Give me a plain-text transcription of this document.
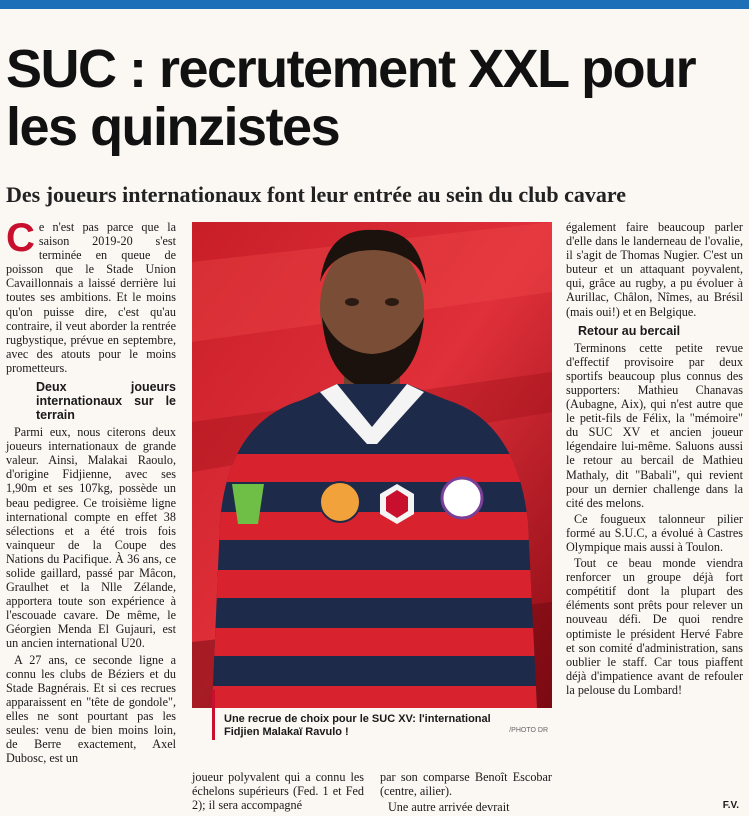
SUC : recrutement XXL pour les quinzistes
Des joueurs internationaux font leur entrée au sein du club cavare
C e n'est pas parce que la saison 2019-20 s'est terminée en queue de poisson que le Stade Union Cavaillonnais a laissé derrière lui toutes ses ambitions. Et le moins qu'on puisse dire, c'est qu'au contraire, il veut aborder la rentrée rugbystique, prévue en septembre, avec des atouts pour le moins prometteurs.

Deux joueurs internationaux sur le terrain

Parmi eux, nous citerons deux joueurs internationaux de grande valeur. Ainsi, Malakai Raoulo, d'origine Fidjienne, avec ses 1,90m et ses 107kg, possède un beau pedigree. Ce troisième ligne international compte en effet 38 sélections et a été trois fois vainqueur de la Coupe des Nations du Pacifique. À 36 ans, ce solide gaillard, passé par Mâcon, Graulhet et la Nlle Zélande, apportera toute son expérience à l'escouade cavare. De même, le Géorgien Menda El Gujauri, est un ancien international U20.

A 27 ans, ce seconde ligne a connu les clubs de Béziers et du Stade Bagnérais. Et si ces recrues apparaissent en "tête de gondole", elles ne sont pourtant pas les seules: venu de bien moins loin, de Berre exactement, Axel Dubosc, est un

Une recrue de choix pour le SUC XV: l'international Fidjien Malakaï Ravulo !	/PHOTO DR

joueur polyvalent qui a connu les échelons supérieurs (Fed. 1 et Fed 2); il sera accompagné

par son comparse Benoît Escobar (centre, ailier).

Une autre arrivée devrait

également faire beaucoup parler d'elle dans le landerneau de l'ovalie, il s'agit de Thomas Nugier. C'est un buteur et un attaquant poyvalent, qui, grâce au rugby, a pu évoluer à Aurillac, Châlon, Nîmes, au Brésil (mais oui!) et en Belgique.

Retour au bercail

Terminons cette petite revue d'effectif provisoire par deux sportifs beaucoup plus connus des supporters: Mathieu Chanavas (Aubagne, Aix), qui n'est autre que le petit-fils de Félix, la "mémoire" du SUC XV et ancien joueur légendaire lui-même. Saluons aussi le retour au bercail de Mathieu Mathaly, dit "Babali", qui revient pour un dernier challenge dans la cité des melons.

Ce fougueux talonneur pilier formé au S.U.C, a évolué à Castres Olympique mais aussi à Toulon.

Tout ce beau monde viendra renforcer un groupe déjà fort compétitif dont la plupart des éléments sont prêts pour relever un nouveau défi. De quoi rendre optimiste le président Hervé Fabre et son comité d'administration, sans oublier le staff. Car tous piaffent déjà d'impatience avant de refouler la pelouse du Lombard!

F.V.
